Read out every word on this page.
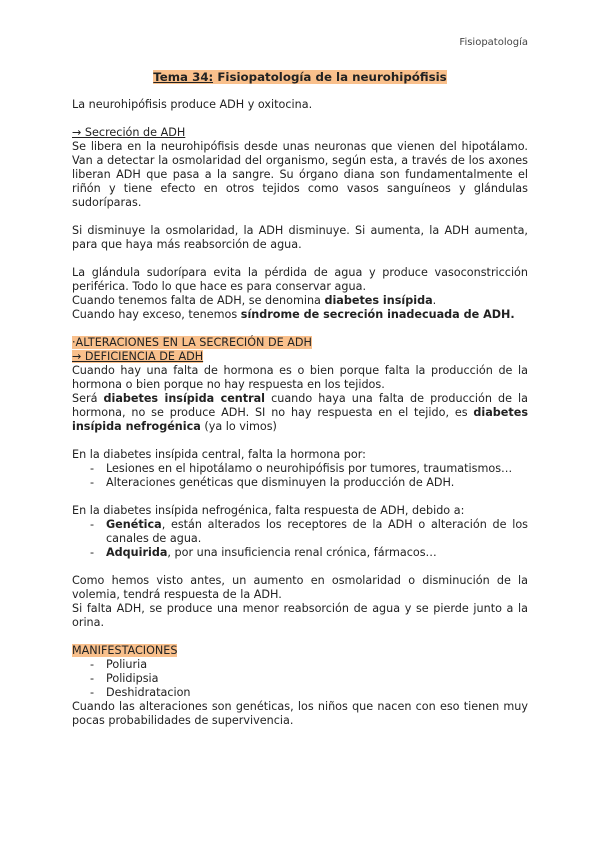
Fisiopatología
Tema 34: Fisiopatología de la neurohipófisis

La neurohipófisis produce ADH y oxitocina.

→ Secreción de ADH

Se libera en la neurohipófisis desde unas neuronas que vienen del hipotálamo. Van a detectar la osmolaridad del organismo, según esta, a través de los axones liberan ADH que pasa a la sangre. Su órgano diana son fundamentalmente el riñón y tiene efecto en otros tejidos como vasos sanguíneos y glándulas sudoríparas.

Si disminuye la osmolaridad, la ADH disminuye. Si aumenta, la ADH aumenta, para que haya más reabsorción de agua.

La glándula sudorípara evita la pérdida de agua y produce vasoconstricción periférica. Todo lo que hace es para conservar agua.

Cuando tenemos falta de ADH, se denomina diabetes insípida.

Cuando hay exceso, tenemos síndrome de secreción inadecuada de ADH.

·ALTERACIONES EN LA SECRECIÓN DE ADH

→ DEFICIENCIA DE ADH

Cuando hay una falta de hormona es o bien porque falta la producción de la hormona o bien porque no hay respuesta en los tejidos.

Será diabetes insípida central cuando haya una falta de producción de la hormona, no se produce ADH. SI no hay respuesta en el tejido, es diabetes insípida nefrogénica (ya lo vimos)

En la diabetes insípida central, falta la hormona por:

- Lesiones en el hipotálamo o neurohipófisis por tumores, traumatismos…
- Alteraciones genéticas que disminuyen la producción de ADH.

En la diabetes insípida nefrogénica, falta respuesta de ADH, debido a:

- Genética, están alterados los receptores de la ADH o alteración de los canales de agua.
- Adquirida, por una insuficiencia renal crónica, fármacos…

Como hemos visto antes, un aumento en osmolaridad o disminución de la volemia, tendrá respuesta de la ADH.

Si falta ADH, se produce una menor reabsorción de agua y se pierde junto a la orina.

MANIFESTACIONES

- Poliuria
- Polidipsia
- Deshidratacion

Cuando las alteraciones son genéticas, los niños que nacen con eso tienen muy pocas probabilidades de supervivencia.
